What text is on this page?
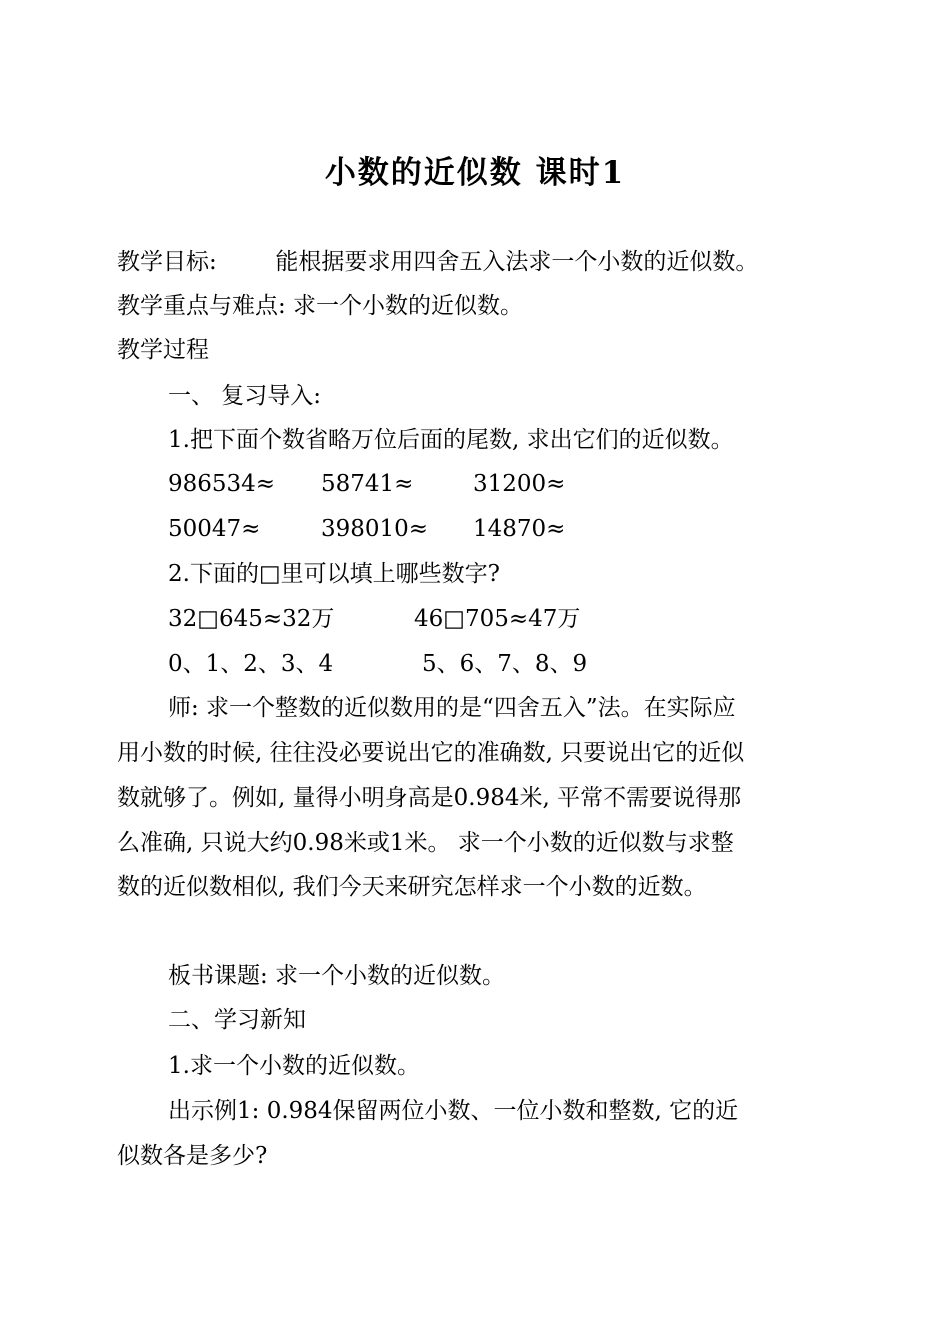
小数的近似数 课时1
教学目标:	能根据要求用四舍五入法求一个小数的近似数。
教学重点与难点: 求一个小数的近似数。
教学过程
一、 复习导入:
1.把下面个数省略万位后面的尾数, 求出它们的近似数。
986534≈ 58741≈	31200≈
50047≈	398010≈ 14870≈
2.下面的□里可以填上哪些数字?
32□645≈32万	46□705≈47万
0、1、2、3、4	5、6、7、8、9
师: 求一个整数的近似数用的是“四舍五入”法。在实际应
用小数的时候, 往往没必要说出它的准确数, 只要说出它的近似
数就够了。例如, 量得小明身高是0.984米, 平常不需要说得那
么准确, 只说大约0.98米或1米。 求一个小数的近似数与求整
数的近似数相似, 我们今天来研究怎样求一个小数的近数。
板书课题: 求一个小数的近似数。
二、学习新知
1.求一个小数的近似数。
出示例1: 0.984保留两位小数、一位小数和整数, 它的近
似数各是多少?
